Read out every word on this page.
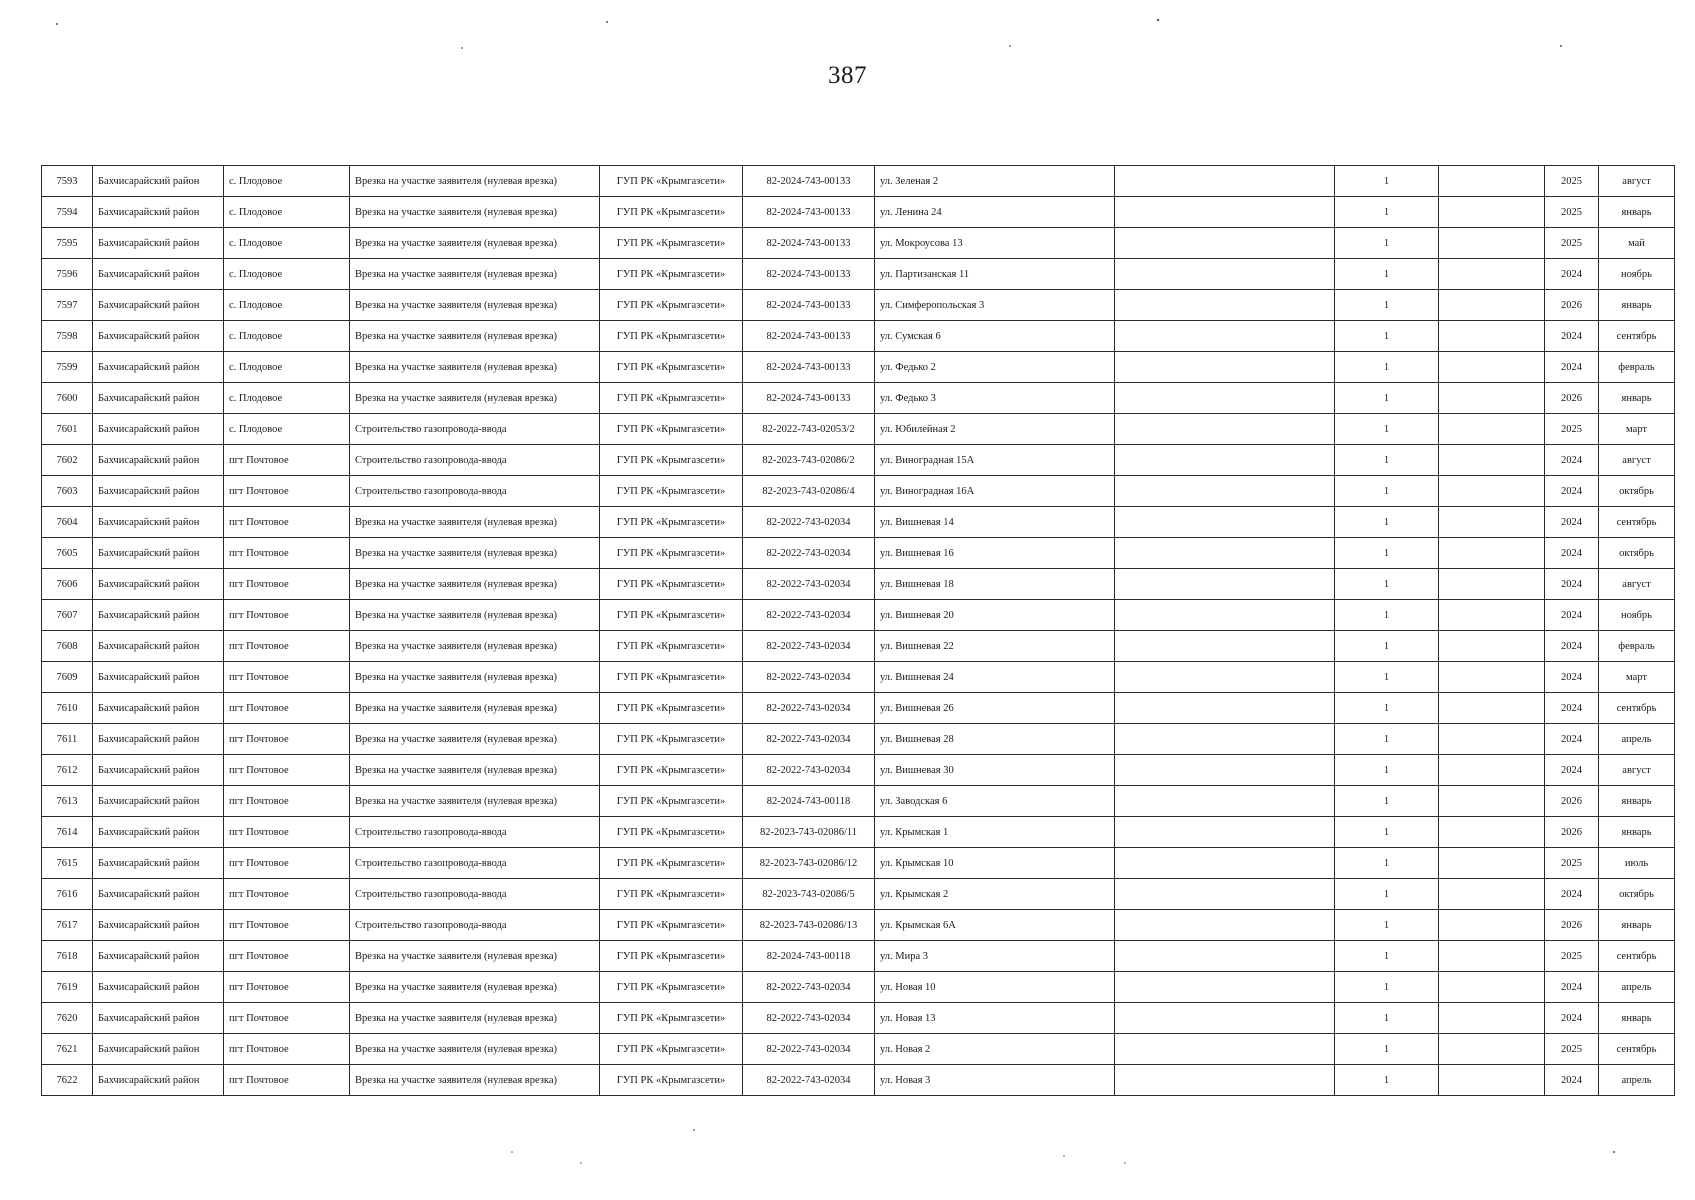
387
7593	Бахчисарайский район	с. Плодовое	Врезка на участке заявителя (нулевая врезка)	ГУП РК «Крымгазсети»	82-2024-743-00133	ул. Зеленая 2		1		2025	август
7594	Бахчисарайский район	с. Плодовое	Врезка на участке заявителя (нулевая врезка)	ГУП РК «Крымгазсети»	82-2024-743-00133	ул. Ленина 24		1		2025	январь
7595	Бахчисарайский район	с. Плодовое	Врезка на участке заявителя (нулевая врезка)	ГУП РК «Крымгазсети»	82-2024-743-00133	ул. Мокроусова 13		1		2025	май
7596	Бахчисарайский район	с. Плодовое	Врезка на участке заявителя (нулевая врезка)	ГУП РК «Крымгазсети»	82-2024-743-00133	ул. Партизанская 11		1		2024	ноябрь
7597	Бахчисарайский район	с. Плодовое	Врезка на участке заявителя (нулевая врезка)	ГУП РК «Крымгазсети»	82-2024-743-00133	ул. Симферопольская 3		1		2026	январь
7598	Бахчисарайский район	с. Плодовое	Врезка на участке заявителя (нулевая врезка)	ГУП РК «Крымгазсети»	82-2024-743-00133	ул. Сумская 6		1		2024	сентябрь
7599	Бахчисарайский район	с. Плодовое	Врезка на участке заявителя (нулевая врезка)	ГУП РК «Крымгазсети»	82-2024-743-00133	ул. Федько 2		1		2024	февраль
7600	Бахчисарайский район	с. Плодовое	Врезка на участке заявителя (нулевая врезка)	ГУП РК «Крымгазсети»	82-2024-743-00133	ул. Федько 3		1		2026	январь
7601	Бахчисарайский район	с. Плодовое	Строительство газопровода-ввода	ГУП РК «Крымгазсети»	82-2022-743-02053/2	ул. Юбилейная 2		1		2025	март
7602	Бахчисарайский район	пгт Почтовое	Строительство газопровода-ввода	ГУП РК «Крымгазсети»	82-2023-743-02086/2	ул. Виноградная 15А		1		2024	август
7603	Бахчисарайский район	пгт Почтовое	Строительство газопровода-ввода	ГУП РК «Крымгазсети»	82-2023-743-02086/4	ул. Виноградная 16А		1		2024	октябрь
7604	Бахчисарайский район	пгт Почтовое	Врезка на участке заявителя (нулевая врезка)	ГУП РК «Крымгазсети»	82-2022-743-02034	ул. Вишневая 14		1		2024	сентябрь
7605	Бахчисарайский район	пгт Почтовое	Врезка на участке заявителя (нулевая врезка)	ГУП РК «Крымгазсети»	82-2022-743-02034	ул. Вишневая 16		1		2024	октябрь
7606	Бахчисарайский район	пгт Почтовое	Врезка на участке заявителя (нулевая врезка)	ГУП РК «Крымгазсети»	82-2022-743-02034	ул. Вишневая 18		1		2024	август
7607	Бахчисарайский район	пгт Почтовое	Врезка на участке заявителя (нулевая врезка)	ГУП РК «Крымгазсети»	82-2022-743-02034	ул. Вишневая 20		1		2024	ноябрь
7608	Бахчисарайский район	пгт Почтовое	Врезка на участке заявителя (нулевая врезка)	ГУП РК «Крымгазсети»	82-2022-743-02034	ул. Вишневая 22		1		2024	февраль
7609	Бахчисарайский район	пгт Почтовое	Врезка на участке заявителя (нулевая врезка)	ГУП РК «Крымгазсети»	82-2022-743-02034	ул. Вишневая 24		1		2024	март
7610	Бахчисарайский район	пгт Почтовое	Врезка на участке заявителя (нулевая врезка)	ГУП РК «Крымгазсети»	82-2022-743-02034	ул. Вишневая 26		1		2024	сентябрь
7611	Бахчисарайский район	пгт Почтовое	Врезка на участке заявителя (нулевая врезка)	ГУП РК «Крымгазсети»	82-2022-743-02034	ул. Вишневая 28		1		2024	апрель
7612	Бахчисарайский район	пгт Почтовое	Врезка на участке заявителя (нулевая врезка)	ГУП РК «Крымгазсети»	82-2022-743-02034	ул. Вишневая 30		1		2024	август
7613	Бахчисарайский район	пгт Почтовое	Врезка на участке заявителя (нулевая врезка)	ГУП РК «Крымгазсети»	82-2024-743-00118	ул. Заводская 6		1		2026	январь
7614	Бахчисарайский район	пгт Почтовое	Строительство газопровода-ввода	ГУП РК «Крымгазсети»	82-2023-743-02086/11	ул. Крымская 1		1		2026	январь
7615	Бахчисарайский район	пгт Почтовое	Строительство газопровода-ввода	ГУП РК «Крымгазсети»	82-2023-743-02086/12	ул. Крымская 10		1		2025	июль
7616	Бахчисарайский район	пгт Почтовое	Строительство газопровода-ввода	ГУП РК «Крымгазсети»	82-2023-743-02086/5	ул. Крымская 2		1		2024	октябрь
7617	Бахчисарайский район	пгт Почтовое	Строительство газопровода-ввода	ГУП РК «Крымгазсети»	82-2023-743-02086/13	ул. Крымская 6А		1		2026	январь
7618	Бахчисарайский район	пгт Почтовое	Врезка на участке заявителя (нулевая врезка)	ГУП РК «Крымгазсети»	82-2024-743-00118	ул. Мира 3		1		2025	сентябрь
7619	Бахчисарайский район	пгт Почтовое	Врезка на участке заявителя (нулевая врезка)	ГУП РК «Крымгазсети»	82-2022-743-02034	ул. Новая 10		1		2024	апрель
7620	Бахчисарайский район	пгт Почтовое	Врезка на участке заявителя (нулевая врезка)	ГУП РК «Крымгазсети»	82-2022-743-02034	ул. Новая 13		1		2024	январь
7621	Бахчисарайский район	пгт Почтовое	Врезка на участке заявителя (нулевая врезка)	ГУП РК «Крымгазсети»	82-2022-743-02034	ул. Новая 2		1		2025	сентябрь
7622	Бахчисарайский район	пгт Почтовое	Врезка на участке заявителя (нулевая врезка)	ГУП РК «Крымгазсети»	82-2022-743-02034	ул. Новая 3		1		2024	апрель
